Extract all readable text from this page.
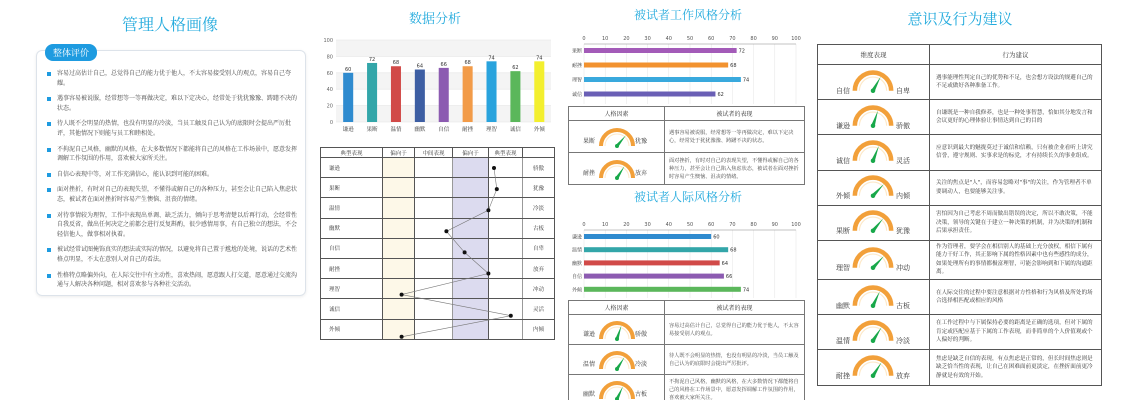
管理人格画像
整体评价
容易过高估计自己，总觉得自己的能力优于他人，不太容易接受别人的观点，容易自己夸耀。
遇事容易被说服，经常想等一等再做决定，难以下定决心，经常处于犹犹豫豫、踌躇不决的状态。
待人既不会明显的热情，也没有明显的冷淡，当员工触及自己认为的底限时会提出严厉批评，其他情况下则能与员工和睦相处。
不拘泥自己风格，幽默的风格，在大多数情况下都能将自己的风格在工作场景中，愿意发挥调解工作氛围的作用，喜欢被大家所关注。
自信心表现中等，对工作充满信心，能认识到可能的困难。
面对挫折，有时对自己的表现失望，不懂得或解自己的各种压力，甚至会让自己陷入焦虑状态，被试者在面对挫折时容易产生懊恼、沮丧的情绪。
对待事情较为理智，工作中表现出单调、缺乏活力，倾向于思考清楚以后再行动，会经常性自我反省，做出任何决定之前都会进行反复斟酌，很少感情用事，有自己独立的想法，不会轻信他人，做事相对执着。
被试经常试图掩饰真实的想法或实际的情况，以避免将自己置于尴尬的处境，说话的艺术性格点明显，不太在意别人对自己的看法。
性格特点略偏外向，在人际交往中有主动性，喜欢热闹，愿意跟人打交道，愿意通过交流沟通与人解决各种问题，相对喜欢参与各种社交活动。
数据分析
0
20
40
60
80
100
60
谦逊
72
果断
68
温情
64
幽默
66
自信
68
耐挫
74
理智
62
诚信
74
外倾
典型表现	偏向于	中间表现	偏向于	典型表现	
谦逊					骄傲
果断					犹豫
温情					冷淡
幽默					古板
自信					自卑
耐挫					放弃
理智					冲动
诚信					灵活
外倾					内倾
被试者工作风格分析
0	10	20	30	40	50	60	70	80	90	100
果断	72
耐挫	68
理智	74
诚信	62
人格因素	被试者的表现

果断 犹豫	遇事容易被说服，经常想等一等再做决定，难以下定决心，经常处于犹犹豫豫、踌躇不决的状态。

耐挫 放弃	面对挫折，有时对自己的表现失望，不懂得或解自己的各种压力，甚至会让自己陷入焦虑状态，被试者在面对挫折时容易产生懊恼、沮丧的情绪。
被试者人际风格分析
0	10	20	30	40	50	60	70	80	90	100
谦逊	60
温情	68
幽默	64
自信	66
外倾	74
人格因素	被试者的表现

谦逊 骄傲	容易过高估计自己，总觉得自己的能力优于他人，不太容易接受别人的观点。

温情 冷淡	待人既不会明显的热情，也没有明显的冷淡，当员工触及自己认为的底限时会提出严厉批评。

幽默 古板	不拘泥自己风格，幽默的风格，在大多数情况下都能将自己的风格在工作场景中，愿意发挥调解工作氛围的作用，喜欢被大家所关注。
意识及行为建议
维度表现	行为建议

自信 自卑	遇事能理性判定自己的优势和不足，也会想方设法的规避自己的不足或做好各种准备工作。

谦逊 骄傲	自谦既是一种自我修养，也是一种处事智慧，恰如其分地发言和会议更好的心理体验让事情达到自己的目的

诚信 灵活	应意识到最大的魅拢莫过于诚信和信赖，只有被企业看听上讲究信誉，遵守规则、实事求是的标党，才有持续长久的事业组成。

外倾 内倾	关注的焦点是"人"，而容易忽略对"事"的关注，作为管理者不单要调动人，也要能够关注事。

果断 犹豫	害怕因为自己考虑不周而做出错误的决定，所以不敢决策，不能决策，领导的关键在于建立一种决策的机制，并为决策的机制和后果承担责任。

理智 冲动	作为管理者，要学会在相信别人的基础上充分放权，相信下属有能力干好工作，其正影响下属的性格因素中也有些感性的成分，如果处理所有的事情都极富理智，可能会影响到和下属的沟通距离。

幽默 古板	在人际交往的过程中要注意根据对方性格和行为风格及所处的场合选择相匹配或相应的风格

温情 冷淡	在工作过程中与下属保持必要的距离是正确的选项，但对下属的肯定或匹配应基于下属的工作表现，而非简单的个人价值观或个人偏好的判断。

耐挫 放弃	焦虑是缺乏自信的表现，有点焦虑是正常的，但长时间焦虑则是缺乏恰当性的表现，让自己在困难面前更淡定，在挫折面前更冷静就是有效的开始。
